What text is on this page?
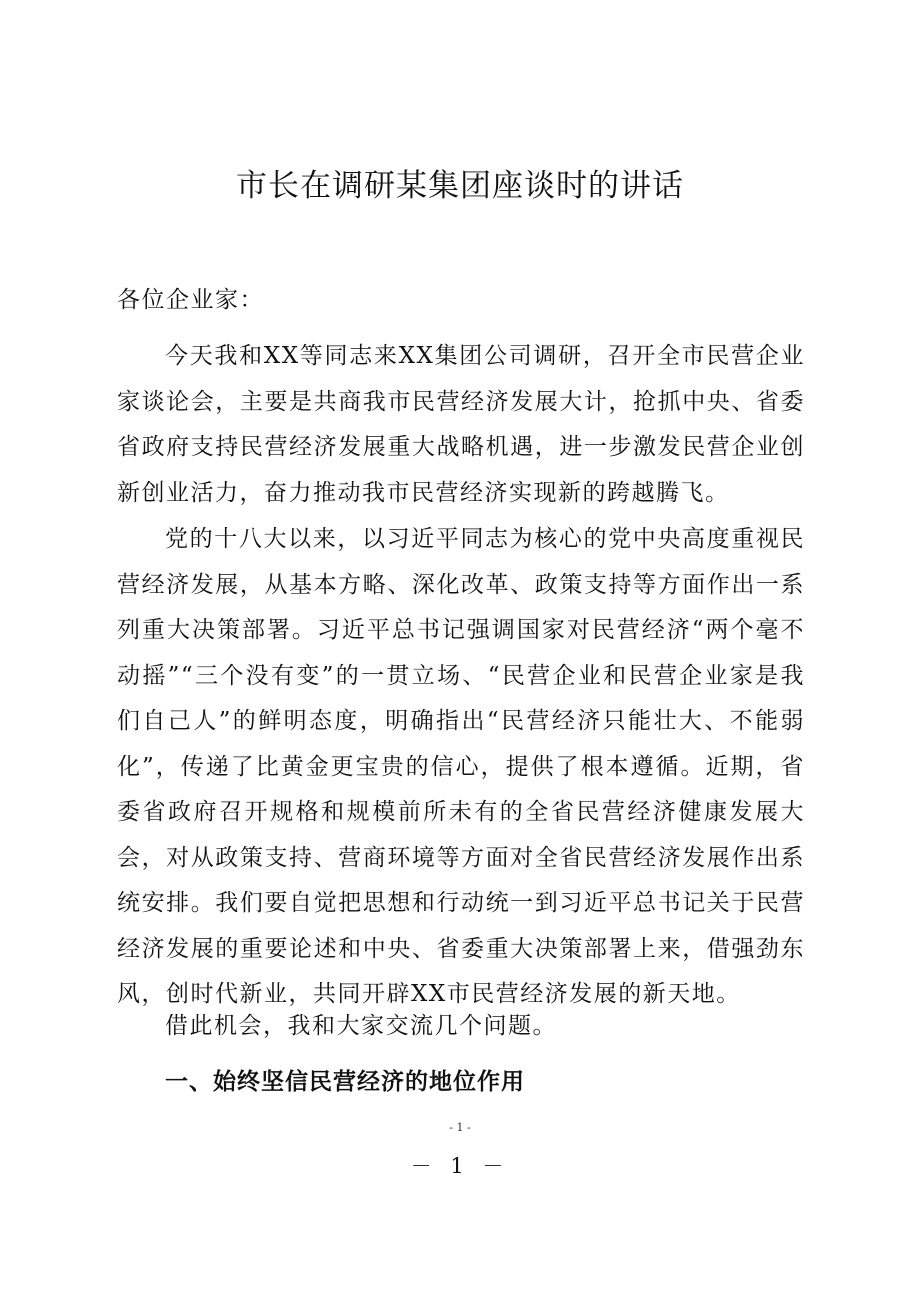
市长在调研某集团座谈时的讲话

各位企业家：

今天我和XX等同志来XX集团公司调研，召开全市民营企业家谈论会，主要是共商我市民营经济发展大计，抢抓中央、省委省政府支持民营经济发展重大战略机遇，进一步激发民营企业创新创业活力，奋力推动我市民营经济实现新的跨越腾飞。

党的十八大以来，以习近平同志为核心的党中央高度重视民营经济发展，从基本方略、深化改革、政策支持等方面作出一系列重大决策部署。习近平总书记强调国家对民营经济“两个毫不动摇”“三个没有变”的一贯立场、“民营企业和民营企业家是我们自己人”的鲜明态度，明确指出“民营经济只能壮大、不能弱化”，传递了比黄金更宝贵的信心，提供了根本遵循。近期，省委省政府召开规格和规模前所未有的全省民营经济健康发展大会，对从政策支持、营商环境等方面对全省民营经济发展作出系统安排。我们要自觉把思想和行动统一到习近平总书记关于民营经济发展的重要论述和中央、省委重大决策部署上来，借强劲东风，创时代新业，共同开辟XX市民营经济发展的新天地。

借此机会，我和大家交流几个问题。

一、始终坚信民营经济的地位作用
- 1 -
－ 1 －
